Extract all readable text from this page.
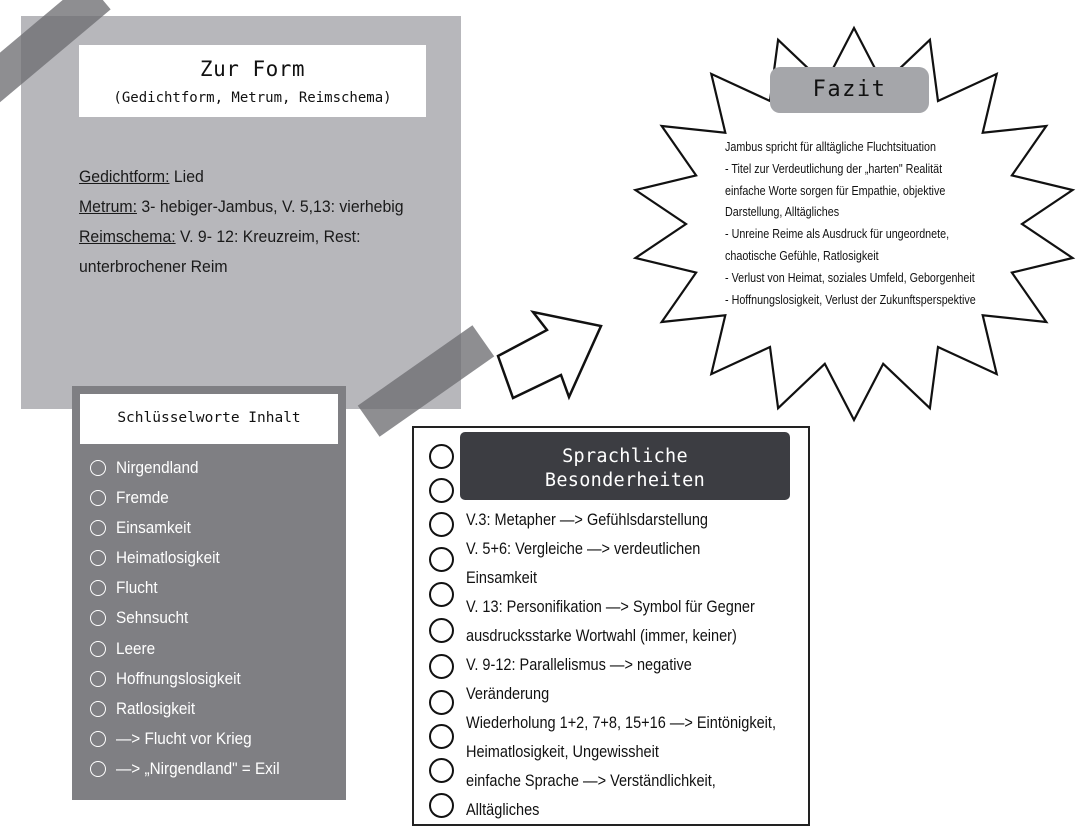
Zur Form
(Gedichtform, Metrum, Reimschema)
Gedichtform: Lied
Metrum: 3- hebiger-Jambus, V. 5,13: vierhebig
Reimschema: V. 9- 12: Kreuzreim, Rest:
unterbrochener Reim
Schlüsselworte Inhalt
Nirgendland
Fremde
Einsamkeit
Heimatlosigkeit
Flucht
Sehnsucht
Leere
Hoffnungslosigkeit
Ratlosigkeit
—> Flucht vor Krieg
—> „Nirgendland" = Exil
Sprachliche
Besonderheiten
V.3: Metapher —> Gefühlsdarstellung
V. 5+6: Vergleiche —> verdeutlichen
Einsamkeit
V. 13: Personifikation —> Symbol für Gegner
ausdrucksstarke Wortwahl (immer, keiner)
V. 9-12: Parallelismus —> negative
Veränderung
Wiederholung 1+2, 7+8, 15+16 —> Eintönigkeit,
Heimatlosigkeit, Ungewissheit
einfache Sprache —> Verständlichkeit,
Alltägliches
Fazit
Jambus spricht für alltägliche Fluchtsituation
- Titel zur Verdeutlichung der „harten" Realität
einfache Worte sorgen für Empathie, objektive
Darstellung, Alltägliches
- Unreine Reime als Ausdruck für ungeordnete,
chaotische Gefühle, Ratlosigkeit
- Verlust von Heimat, soziales Umfeld, Geborgenheit
- Hoffnungslosigkeit, Verlust der Zukunftsperspektive
